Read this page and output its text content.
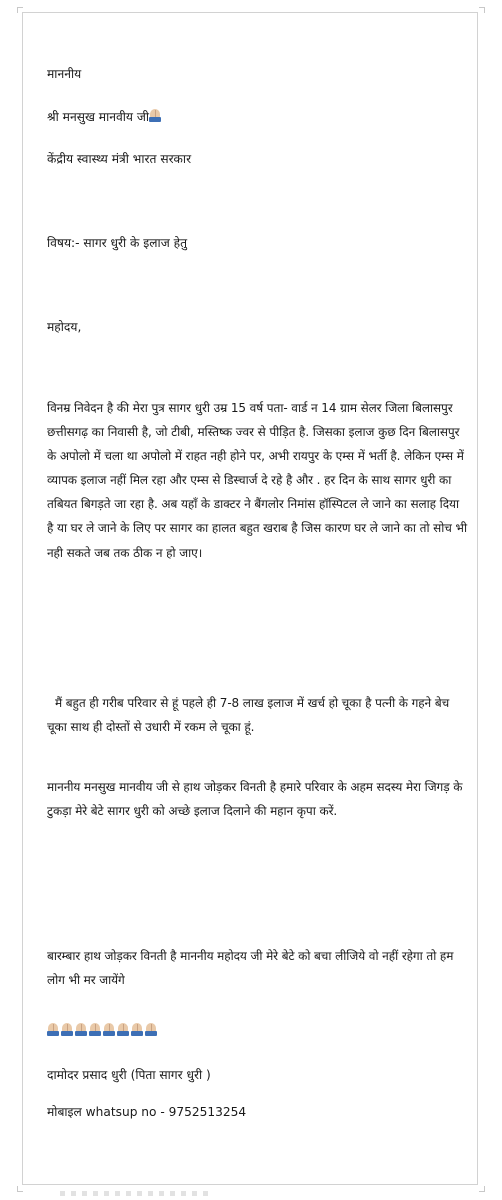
माननीय

श्री मनसुख मानवीय जी

केंद्रीय स्वास्थ्य मंत्री भारत सरकार

विषय:- सागर धुरी के इलाज हेतु

महोदय,

विनम्र निवेदन है की मेरा पुत्र सागर धुरी उम्र 15 वर्ष पता- वार्ड न 14 ग्राम सेलर जिला बिलासपुर छत्तीसगढ़ का निवासी है, जो टीबी, मस्तिष्क ज्वर से पीड़ित है. जिसका इलाज कुछ दिन बिलासपुर के अपोलो में चला था अपोलो में राहत नही होने पर, अभी रायपुर के एम्स में भर्ती है. लेकिन एम्स में व्यापक इलाज नहीं मिल रहा और एम्स से डिस्चार्ज दे रहे है और . हर दिन के साथ सागर धुरी का तबियत बिगड़ते जा रहा है. अब यहाँ के डाक्टर ने बैंगलोर निमांस हॉस्पिटल ले जाने का सलाह दिया है या घर ले जाने के लिए पर सागर का हालत बहुत खराब है जिस कारण घर ले जाने का तो सोच भी नही सकते जब तक ठीक न हो जाए।

मैं बहुत ही गरीब परिवार से हूं पहले ही 7-8 लाख इलाज में खर्च हो चूका है पत्नी के गहने बेच चूका साथ ही दोस्तों से उधारी में रकम ले चूका हूं.

माननीय मनसुख मानवीय जी से हाथ जोड़कर विनती है हमारे परिवार के अहम सदस्य मेरा जिगड़ के टुकड़ा मेरे बेटे सागर धुरी को अच्छे इलाज दिलाने की महान कृपा करें.

बारम्बार हाथ जोड़कर विनती है माननीय महोदय जी मेरे बेटे को बचा लीजिये वो नहीं रहेगा तो हम लोग भी मर जायेंगे

दामोदर प्रसाद धुरी (पिता सागर धुरी )

मोबाइल whatsup no - 9752513254
